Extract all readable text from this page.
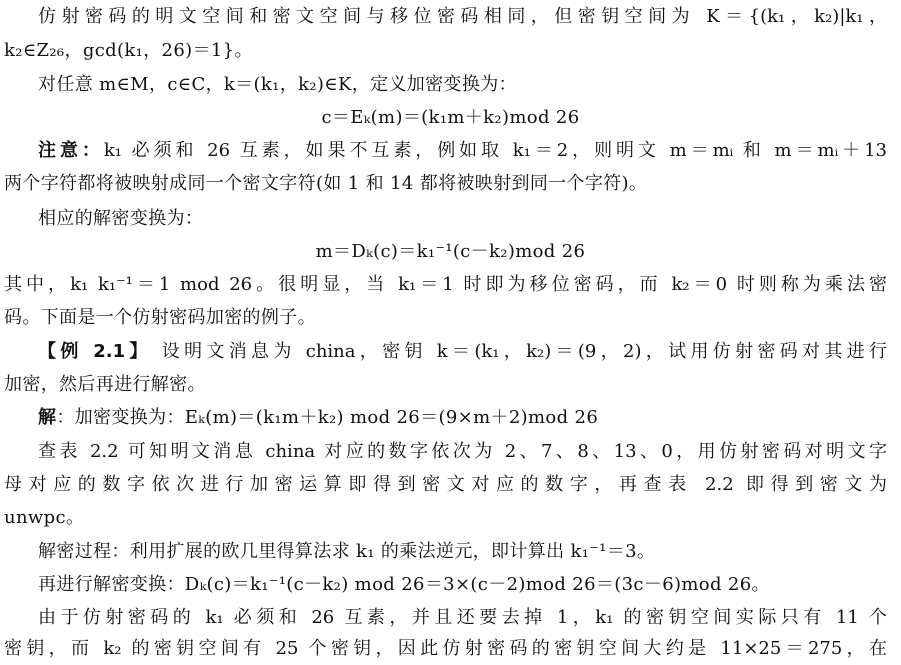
仿射密码的明文空间和密文空间与移位密码相同，但密钥空间为 K＝{(k₁，k₂)|k₁，
k₂∈Z₂₆，gcd(k₁，26)＝1}。
对任意 m∈M，c∈C，k＝(k₁，k₂)∈K，定义加密变换为：
c＝Eₖ(m)＝(k₁m＋k₂)mod 26
注意：k₁ 必须和 26 互素，如果不互素，例如取 k₁＝2，则明文 m＝mᵢ 和 m＝mᵢ＋13
两个字符都将被映射成同一个密文字符(如 1 和 14 都将被映射到同一个字符)。
相应的解密变换为：
m＝Dₖ(c)＝k₁⁻¹(c－k₂)mod 26
其中，k₁ k₁⁻¹＝1 mod 26。很明显，当 k₁＝1 时即为移位密码，而 k₂＝0 时则称为乘法密
码。下面是一个仿射密码加密的例子。
【例 2.1】 设明文消息为 china，密钥 k＝(k₁，k₂)＝(9，2)，试用仿射密码对其进行
加密，然后再进行解密。
解：加密变换为：Eₖ(m)＝(k₁m＋k₂) mod 26＝(9×m＋2)mod 26
查表 2.2 可知明文消息 china 对应的数字依次为 2、7、8、13、0，用仿射密码对明文字
母对应的数字依次进行加密运算即得到密文对应的数字，再查表 2.2 即得到密文为
unwpc。
解密过程：利用扩展的欧几里得算法求 k₁ 的乘法逆元，即计算出 k₁⁻¹＝3。
再进行解密变换：Dₖ(c)＝k₁⁻¹(c－k₂) mod 26＝3×(c－2)mod 26＝(3c－6)mod 26。
由于仿射密码的 k₁ 必须和 26 互素，并且还要去掉 1，k₁ 的密钥空间实际只有 11 个
密钥，而 k₂ 的密钥空间有 25 个密钥，因此仿射密码的密钥空间大约是 11×25＝275，在
